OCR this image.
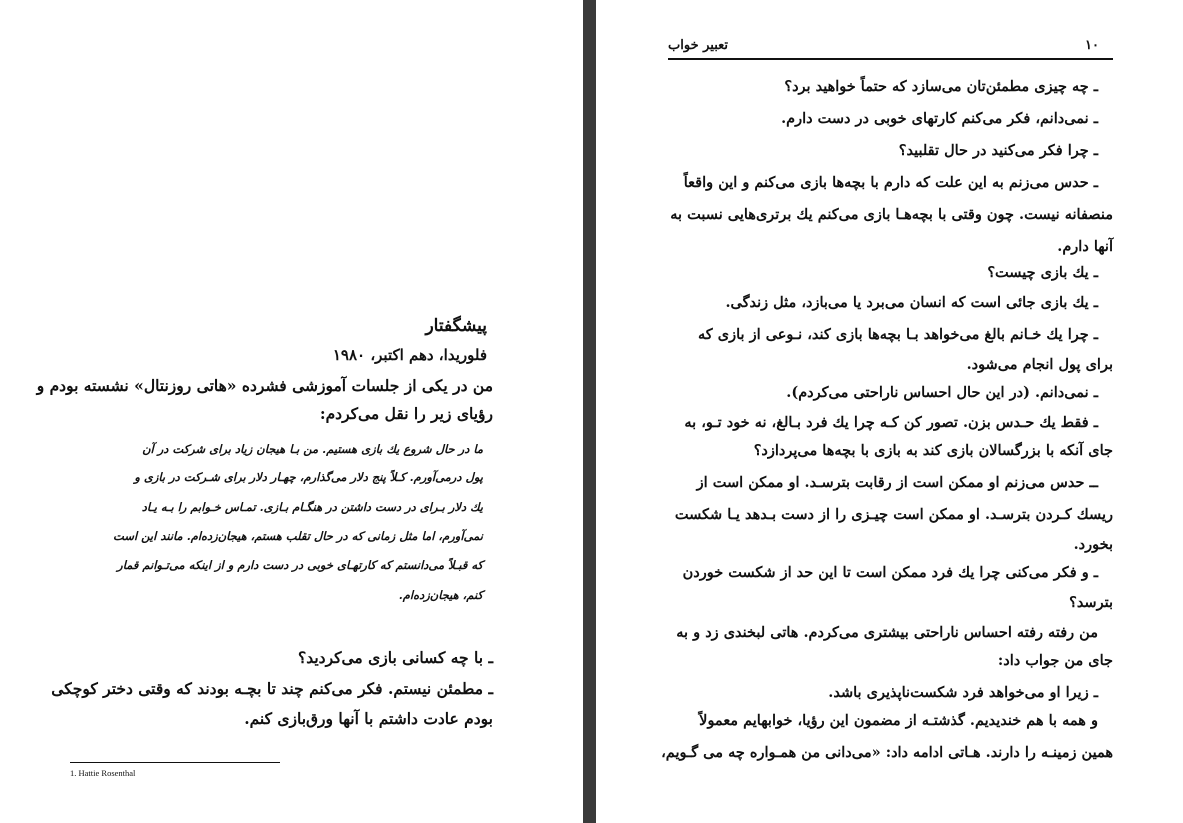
پیشگفتار
فلوریدا، دهم اکتبر، ۱۹۸۰
من در یکی از جلسات آموزشی فشرده «هاتی روزنتال» نشسته بودم و
رؤیای زیر را نقل می‌کردم:
ما در حال شروع یك بازی هستیم. من بـا هیجان زیاد برای شرکت در آن
پول درمی‌آورم. کـلاً پنج دلار می‌گذارم، چهـار دلار برای شـرکت در بازی و
یك دلار بـرای در دست داشتن در هنگـام بـازی. تمـاس خـوابم را بـه یـاد
نمی‌آورم، اما مثل زمانی که در حال تقلب هستم، هیجان‌زده‌ام. مانند این است
که قبـلاً می‌دانستم که کارتهـای خوبی در دست دارم و از اینکه می‌تـوانم قمار
کنم، هیجان‌زده‌ام.
ـ با چه کسانی بازی می‌کردید؟
ـ مطمئن نیستم. فکر می‌کنم چند تا بچـه بودند که وقتی دختر کوچکی
بودم عادت داشتم با آنها ورق‌بازی کنم.
1. Hattie Rosenthal
تعبیر خواب	۱۰
ـ چه چیزی مطمئن‌تان می‌سازد که حتماً خواهید برد؟
ـ نمی‌دانم، فکر می‌کنم کارتهای خوبی در دست دارم.
ـ چرا فکر می‌کنید در حال تقلبید؟
ـ حدس می‌زنم به این علت که دارم با بچه‌ها بازی می‌کنم و این واقعاً
منصفانه نیست. چون وقتی با بچه‌هـا بازی می‌کنم یك برتری‌هایی نسبت به
آنها دارم.
ـ یك بازی چیست؟
ـ یك بازی جائی است که انسان می‌برد یا می‌بازد، مثل زندگی.
ـ چرا یك خـانم بالغ می‌خواهد بـا بچه‌ها بازی کند، نـوعی از بازی که
برای پول انجام می‌شود.
ـ نمی‌دانم. (در این حال احساس ناراحتی می‌کردم).
ـ فقط یك حـدس بزن. تصور کن کـه چرا یك فرد بـالغ، نه خود تـو، به
جای آنکه با بزرگسالان بازی کند به بازی با بچه‌ها می‌پردازد؟
ــ حدس می‌زنم او ممکن است از رقابت بترسـد. او ممکن است از
ریسك کـردن بترسـد. او ممکن است چیـزی را از دست بـدهد یـا شکست
بخورد.
ـ و فکر می‌کنی چرا یك فرد ممکن است تا این حد از شکست خوردن
بترسد؟
من رفته رفته احساس ناراحتی بیشتری می‌کردم. هاتی لبخندی زد و به
جای من جواب داد:
ـ زیرا او می‌خواهد فرد شکست‌ناپذیری باشد.
و همه با هم خندیدیم. گذشتـه از مضمون این رؤیا، خوابهایم معمولاً
همین زمینـه را دارند. هـاتی ادامه داد: «می‌دانی من همـواره چه می گـویم،
